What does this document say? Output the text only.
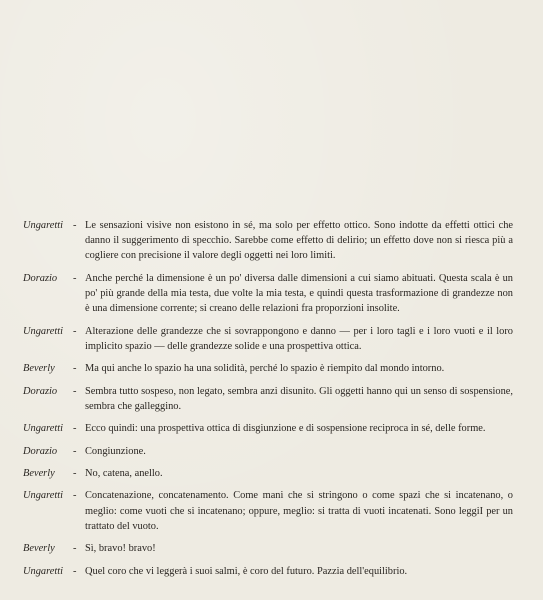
Ungaretti - Le sensazioni visive non esistono in sé, ma solo per effetto ottico. Sono indotte da effetti ottici che danno il suggerimento di specchio. Sarebbe come effetto di delirio; un effetto dove non si riesca più a cogliere con precisione il valore degli oggetti nei loro limiti.
Dorazio	- Anche perché la dimensione è un po' diversa dalle dimensioni a cui siamo abituati. Questa scala è un po' più grande della mia testa, due volte la mia testa, e quindi questa trasformazione di grandezze non è una dimensione corrente; si creano delle relazioni fra proporzioni insolite.
Ungaretti - Alterazione delle grandezze che si sovrappongono e danno — per i loro tagli e i loro vuoti e il loro implicito spazio — delle grandezze solide e una prospettiva ottica.
Beverly	- Ma qui anche lo spazio ha una solidità, perché lo spazio è riempito dal mondo intorno.
Dorazio	- Sembra tutto sospeso, non legato, sembra anzi disunito. Gli oggetti hanno qui un senso di sospensione, sembra che galleggino.
Ungaretti - Ecco quindi: una prospettiva ottica di disgiunzione e di sospensione reciproca in sé, delle forme.
Dorazio	- Congiunzione.
Beverly	- No, catena, anello.
Ungaretti - Concatenazione, concatenamento. Come mani che si stringono o come spazi che si incatenano, o meglio: come vuoti che si incatenano; oppure, meglio: si tratta di vuoti incatenati. Sono leggiI per un trattato del vuoto.
Beverly	- Sì, bravo! bravo!
Ungaretti - Quel coro che vi leggerà i suoi salmi, è coro del futuro. Pazzia dell'equilibrio.
